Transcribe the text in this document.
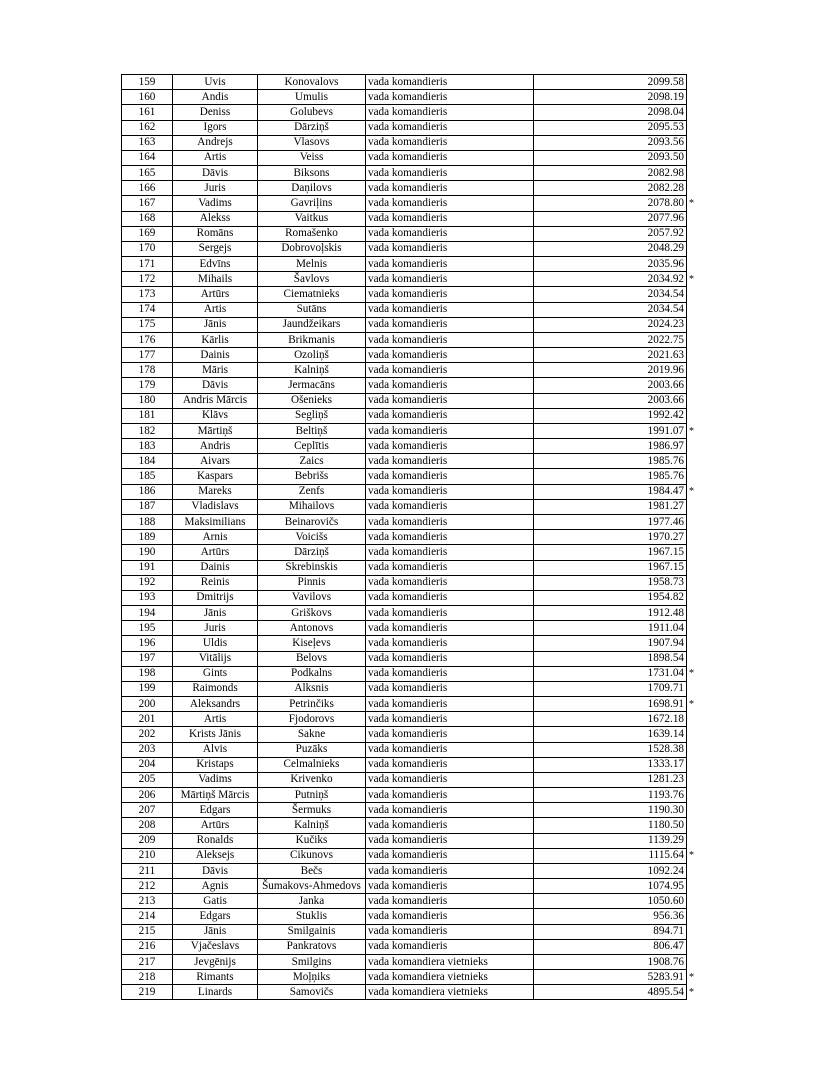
159	Uvis	Konovalovs	vada komandieris	2099.58	
160	Andis	Umulis	vada komandieris	2098.19	
161	Deniss	Golubevs	vada komandieris	2098.04	
162	Igors	Dārziņš	vada komandieris	2095.53	
163	Andrejs	Vlasovs	vada komandieris	2093.56	
164	Artis	Veiss	vada komandieris	2093.50	
165	Dāvis	Biksons	vada komandieris	2082.98	
166	Juris	Daņilovs	vada komandieris	2082.28	
167	Vadims	Gavriļins	vada komandieris	2078.80	*
168	Alekss	Vaitkus	vada komandieris	2077.96	
169	Romāns	Romašenko	vada komandieris	2057.92	
170	Sergejs	Dobrovoļskis	vada komandieris	2048.29	
171	Edvīns	Melnis	vada komandieris	2035.96	
172	Mihails	Šavlovs	vada komandieris	2034.92	*
173	Artūrs	Ciematnieks	vada komandieris	2034.54	
174	Artis	Sutāns	vada komandieris	2034.54	
175	Jānis	Jaundžeikars	vada komandieris	2024.23	
176	Kārlis	Brikmanis	vada komandieris	2022.75	
177	Dainis	Ozoliņš	vada komandieris	2021.63	
178	Māris	Kalniņš	vada komandieris	2019.96	
179	Dāvis	Jermacāns	vada komandieris	2003.66	
180	Andris Mārcis	Ošenieks	vada komandieris	2003.66	
181	Klāvs	Segliņš	vada komandieris	1992.42	
182	Mārtiņš	Beltiņš	vada komandieris	1991.07	*
183	Andris	Ceplītis	vada komandieris	1986.97	
184	Aivars	Zaics	vada komandieris	1985.76	
185	Kaspars	Bebrišs	vada komandieris	1985.76	
186	Mareks	Zenfs	vada komandieris	1984.47	*
187	Vladislavs	Mihailovs	vada komandieris	1981.27	
188	Maksimilians	Beinarovičs	vada komandieris	1977.46	
189	Arnis	Voicišs	vada komandieris	1970.27	
190	Artūrs	Dārziņš	vada komandieris	1967.15	
191	Dainis	Skrebinskis	vada komandieris	1967.15	
192	Reinis	Pinnis	vada komandieris	1958.73	
193	Dmitrijs	Vavilovs	vada komandieris	1954.82	
194	Jānis	Griškovs	vada komandieris	1912.48	
195	Juris	Antonovs	vada komandieris	1911.04	
196	Uldis	Kiseļevs	vada komandieris	1907.94	
197	Vitālijs	Belovs	vada komandieris	1898.54	
198	Gints	Podkalns	vada komandieris	1731.04	*
199	Raimonds	Alksnis	vada komandieris	1709.71	
200	Aleksandrs	Petrinčiks	vada komandieris	1698.91	*
201	Artis	Fjodorovs	vada komandieris	1672.18	
202	Krists Jānis	Sakne	vada komandieris	1639.14	
203	Alvis	Puzāks	vada komandieris	1528.38	
204	Kristaps	Celmalnieks	vada komandieris	1333.17	
205	Vadims	Krivenko	vada komandieris	1281.23	
206	Mārtiņš Mārcis	Putniņš	vada komandieris	1193.76	
207	Edgars	Šermuks	vada komandieris	1190.30	
208	Artūrs	Kalniņš	vada komandieris	1180.50	
209	Ronalds	Kučiks	vada komandieris	1139.29	
210	Aleksejs	Cikunovs	vada komandieris	1115.64	*
211	Dāvis	Bečs	vada komandieris	1092.24	
212	Agnis	Šumakovs-Ahmedovs	vada komandieris	1074.95	
213	Gatis	Janka	vada komandieris	1050.60	
214	Edgars	Stuklis	vada komandieris	956.36	
215	Jānis	Smilgainis	vada komandieris	894.71	
216	Vjačeslavs	Pankratovs	vada komandieris	806.47	
217	Jevgēnijs	Smilgins	vada komandiera vietnieks	1908.76	
218	Rimants	Moļņiks	vada komandiera vietnieks	5283.91	*
219	Linards	Samovičs	vada komandiera vietnieks	4895.54	*
